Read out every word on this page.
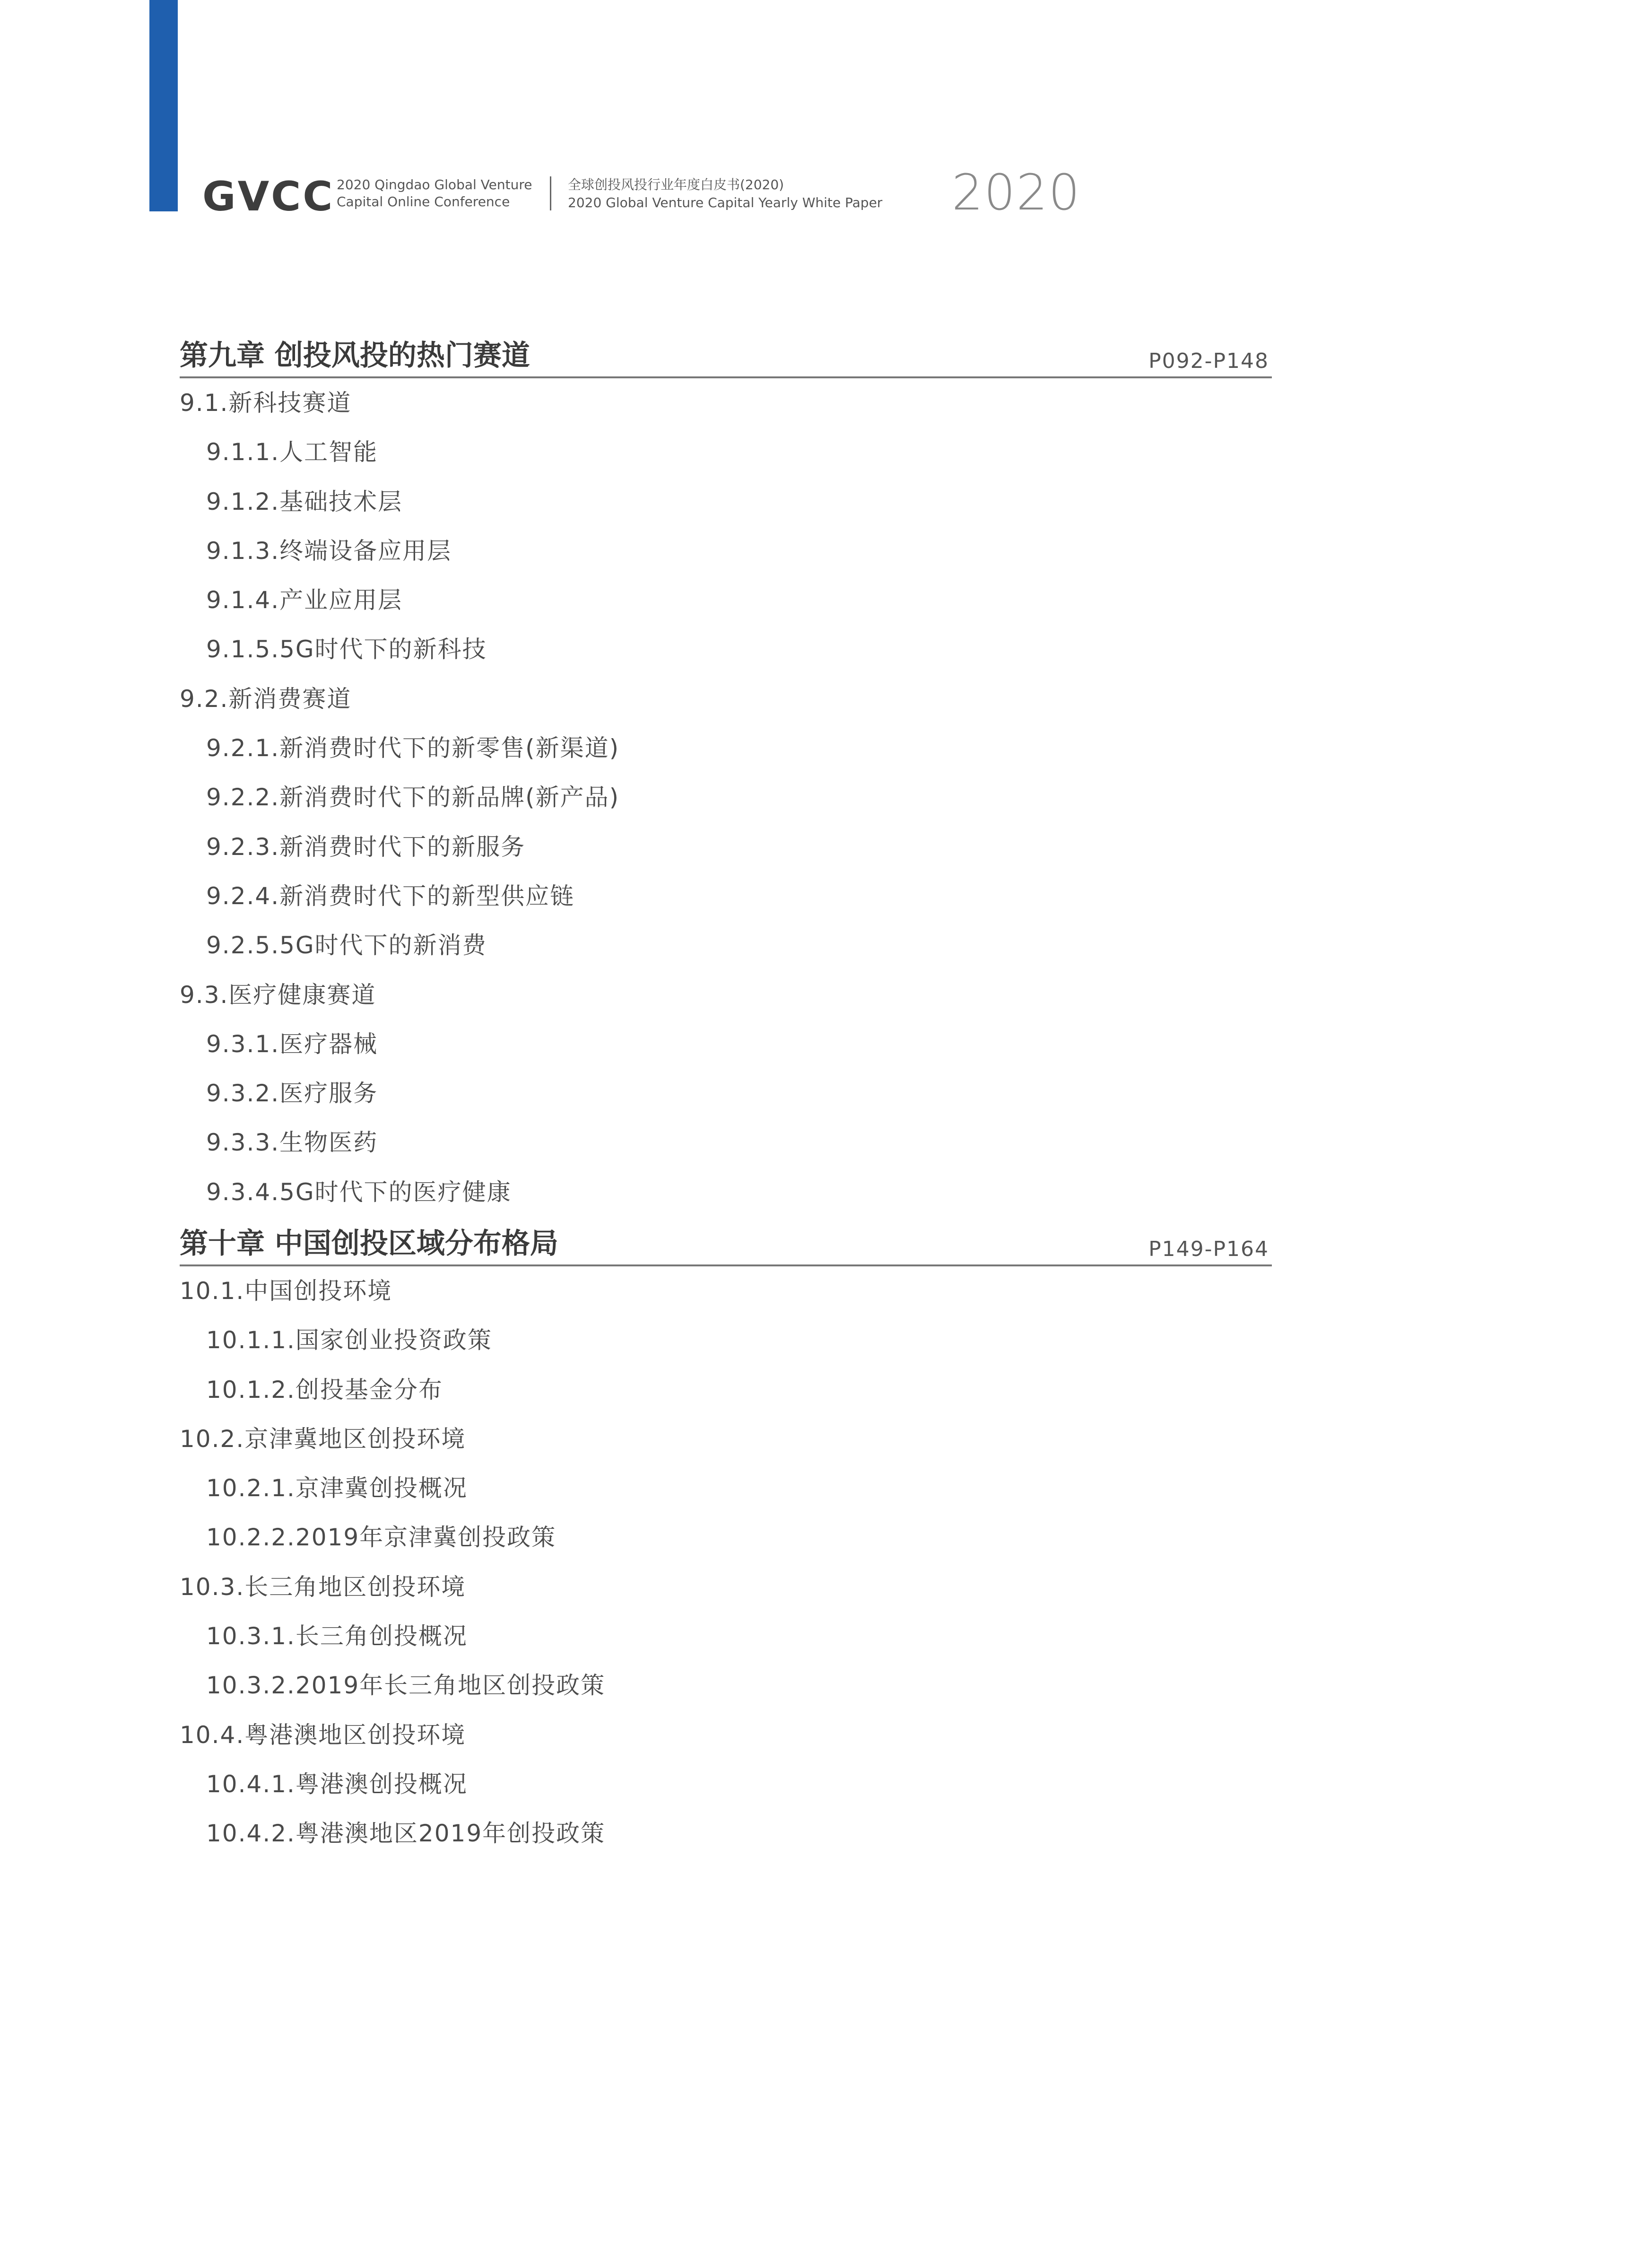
GVCC 2020 Qingdao Global Venture
Capital Online Conference
全球创投风投行业年度白皮书(2020)
2020 Global Venture Capital Yearly White Paper 2020
第九章 创投风投的热门赛道	P092-P148
9.1.新科技赛道
9.1.1.人工智能
9.1.2.基础技术层
9.1.3.终端设备应用层
9.1.4.产业应用层
9.1.5.5G时代下的新科技
9.2.新消费赛道
9.2.1.新消费时代下的新零售(新渠道)
9.2.2.新消费时代下的新品牌(新产品)
9.2.3.新消费时代下的新服务
9.2.4.新消费时代下的新型供应链
9.2.5.5G时代下的新消费
9.3.医疗健康赛道
9.3.1.医疗器械
9.3.2.医疗服务
9.3.3.生物医药
9.3.4.5G时代下的医疗健康
第十章 中国创投区域分布格局	P149-P164
10.1.中国创投环境
10.1.1.国家创业投资政策
10.1.2.创投基金分布
10.2.京津冀地区创投环境
10.2.1.京津冀创投概况
10.2.2.2019年京津冀创投政策
10.3.长三角地区创投环境
10.3.1.长三角创投概况
10.3.2.2019年长三角地区创投政策
10.4.粤港澳地区创投环境
10.4.1.粤港澳创投概况
10.4.2.粤港澳地区2019年创投政策
